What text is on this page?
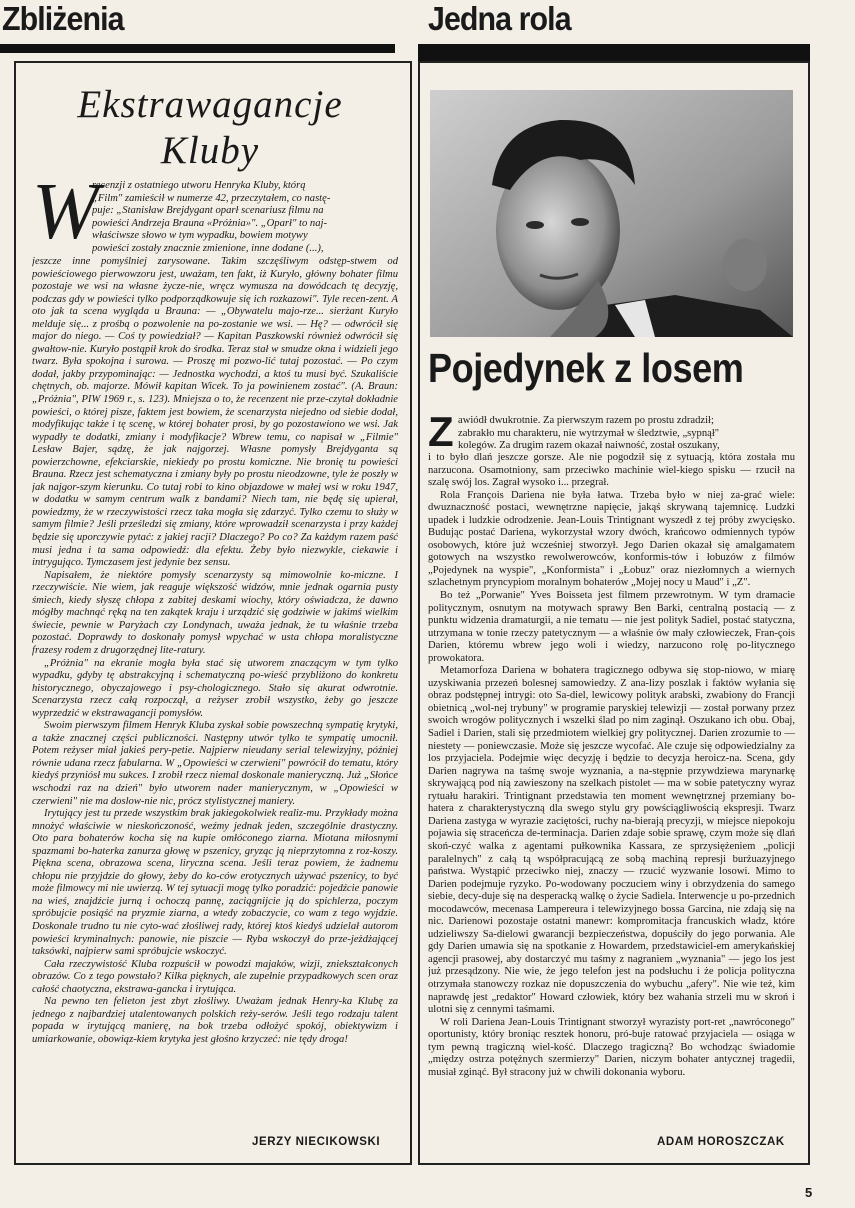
Zbliżenia	Jedna rola
Ekstrawagancje
Kluby
W
recenzji z ostatniego utworu Henryka Kluby, którą
„Film" zamieścił w numerze 42, przeczytałem, co nastę-
puje: „Stanisław Brejdygant oparł scenariusz filmu na
powieści Andrzeja Brauna «Próżnia»". „Oparł" to naj-
właściwsze słowo w tym wypadku, bowiem motywy
powieści zostały znacznie zmienione, inne dodane (...),

jeszcze inne pomyślniej zarysowane. Takim szczęśliwym odstęp-stwem od powieściowego pierwowzoru jest, uważam, ten fakt, iż Kuryło, główny bohater filmu pozostaje we wsi na własne życze-nie, wręcz wymusza na dowódcach tę decyzję, podczas gdy w powieści tylko podporządkowuje się ich rozkazowi". Tyle recen-zent. A oto jak ta scena wygląda u Brauna: — „Obywatelu majo-rze... sierżant Kuryło melduje się... z prośbą o pozwolenie na po-zostanie we wsi. — Hę? — odwrócił się major do niego. — Coś ty powiedział? — Kapitan Paszkowski również odwrócił się gwałtow-nie. Kuryło postąpił krok do środka. Teraz stał w smudze okna i widzieli jego twarz. Była spokojna i surowa. — Proszę mi pozwo-lić tutaj pozostać. — Po czym dodał, jakby przypominając: — Jednostka wychodzi, a ktoś tu musi być. Szukaliście chętnych, ob. majorze. Mówił kapitan Wicek. To ja powinienem zostać". (A. Braun: „Próżnia", PIW 1969 r., s. 123). Mniejsza o to, że recenzent nie prze-czytał dokładnie powieści, o której pisze, faktem jest bowiem, że scenarzysta niejedno od siebie dodał, modyfikując także i tę scenę, w której bohater prosi, by go pozostawiono we wsi. Jak wypadły te dodatki, zmiany i modyfikacje? Wbrew temu, co napisał w „Filmie" Lesław Bajer, sądzę, że jak najgorzej. Własne pomysły Brejdyganta są powierzchowne, efekciarskie, niekiedy po prostu komiczne. Nie bronię tu powieści Brauna. Rzecz jest schematyczna i zmiany były po prostu nieodzowne, tyle że poszły w jak najgor-szym kierunku. Co tutaj robi to kino objazdowe w małej wsi w roku 1947, w dodatku w samym centrum walk z bandami? Niech tam, nie będę się upierał, powiedzmy, że w rzeczywistości rzecz taka mogła się zdarzyć. Tylko czemu to służy w samym filmie? Jeśli prześledzi się zmiany, które wprowadził scenarzysta i przy każdej będzie się uporczywie pytać: z jakiej racji? Dlaczego? Po co? Za każdym razem paść musi jedna i ta sama odpowiedź: dla efektu. Żeby było niezwykle, ciekawie i intrygująco. Tymczasem jest jedynie bez sensu.

Napisałem, że niektóre pomysły scenarzysty są mimowolnie ko-miczne. I rzeczywiście. Nie wiem, jak reaguje większość widzów, mnie jednak ogarnia pusty śmiech, kiedy słyszę chłopa z zabitej deskami wiochy, który oświadcza, że dawno mógłby machnąć ręką na ten zakątek kraju i urządzić się godziwie w jakimś wielkim świecie, pewnie w Paryżach czy Londynach, uważa jednak, że tu właśnie trzeba pozostać. Doprawdy to doskonały pomysł wpychać w usta chłopa moralistyczne frazesy rodem z drugorzędnej lite-ratury.

„Próżnia" na ekranie mogła była stać się utworem znaczącym w tym tylko wypadku, gdyby tę abstrakcyjną i schematyczną po-wieść przybliżono do konkretu historycznego, obyczajowego i psy-chologicznego. Stało się akurat odwrotnie. Scenarzysta rzecz całą rozpoczął, a reżyser zrobił wszystko, żeby go jeszcze wyprzedzić w ekstrawagancji pomysłów.

Swoim pierwszym filmem Henryk Kluba zyskał sobie powszechną sympatię krytyki, a także znacznej części publiczności. Następny utwór tylko te sympatię umocnił. Potem reżyser miał jakieś pery-petie. Najpierw nieudany serial telewizyjny, później równie udana rzecz fabularna. W „Opowieści w czerwieni" powrócił do tematu, który kiedyś przyniósł mu sukces. I zrobił rzecz niemal doskonale manieryczną. Już „Słońce wschodzi raz na dzień" było utworem nader manierycznym, w „Opowieści w czerwieni" nie ma doslow-nie nic, prócz stylistycznej maniery.

Irytujący jest tu przede wszystkim brak jakiegokolwiek realiz-mu. Przykłady można mnożyć właściwie w nieskończoność, weźmy jednak jeden, szczególnie drastyczny. Oto para bohaterów kocha się na kupie omłóconego ziarna. Miotana miłosnymi spazmami bo-haterka zanurza głowę w pszenicy, gryząc ją nieprzytomna z roz-koszy. Piękna scena, obrazowa scena, liryczna scena. Jeśli teraz powiem, że żadnemu chłopu nie przyjdzie do głowy, żeby do ko-ców erotycznych używać pszenicy, to być może filmowcy mi nie uwierzą. W tej sytuacji mogę tylko poradzić: pojedźcie panowie na wieś, znajdźcie jurną i ochoczą pannę, zaciągnijcie ją do spichlerza, poczym spróbujcie posiąść na pryzmie ziarna, a wtedy zobaczycie, co wam z tego wyjdzie. Doskonale trudno tu nie cyto-wać złośliwej rady, której ktoś kiedyś udzielał autorom powieści kryminalnych: panowie, nie piszcie — Ryba wskoczył do prze-jeżdżającej taksówki, najpierw sami spróbujcie wskoczyć.

Cała rzeczywistość Kluba rozpuścił w powodzi majaków, wizji, zniekształconych obrazów. Co z tego powstało? Kilka pięknych, ale zupełnie przypadkowych scen oraz całość chaotyczna, ekstrawa-gancka i irytująca.

Na pewno ten felieton jest zbyt złośliwy. Uważam jednak Henry-ka Klubę za jednego z najbardziej utalentowanych polskich reży-serów. Jeśli tego rodzaju talent popada w irytującą manierę, na bok trzeba odłożyć spokój, obiektywizm i umiarkowanie, obowiąz-kiem krytyka jest głośno krzyczeć: nie tędy droga!

JERZY NIECIKOWSKI
Pojedynek z losem
Z awiódł dwukrotnie. Za pierwszym razem po prostu zdradził;
zabrakło mu charakteru, nie wytrzymał w śledztwie, „sypnął"
kolegów. Za drugim razem okazał naiwność, został oszukany,

i to było dlań jeszcze gorsze. Ale nie pogodził się z sytuacją, która została mu narzucona. Osamotniony, sam przeciwko machinie wiel-kiego spisku — rzucił na szalę swój los. Zagrał wysoko i... przegrał.

Rola François Dariena nie była łatwa. Trzeba było w niej za-grać wiele: dwuznaczność postaci, wewnętrzne napięcie, jakąś skrywaną tajemnicę. Ludzki upadek i ludzkie odrodzenie. Jean-Louis Trintignant wyszedł z tej próby zwycięsko. Budując postać Dariena, wykorzystał wzory dwóch, krańcowo odmiennych typów osobowych, które już wcześniej stworzył. Jego Darien okazał się amalgamatem gotowych na wszystko rewolwerowców, konformis-tów i łobuzów z filmów „Pojedynek na wyspie", „Konformista" i „Łobuz" oraz niezłomnych a wiernych szlachetnym pryncypiom moralnym bohaterów „Mojej nocy u Maud" i „Z".

Bo też „Porwanie" Yves Boisseta jest filmem przewrotnym. W tym dramacie politycznym, osnutym na motywach sprawy Ben Barki, centralną postacią — z punktu widzenia dramaturgii, a nie tematu — nie jest polityk Sadiel, postać statyczna, utrzymana w tonie rzeczy patetycznym — a właśnie ów mały człowieczek, Fran-çois Darien, któremu wbrew jego woli i wiedzy, narzucono rolę po-litycznego prowokatora.

Metamorfoza Dariena w bohatera tragicznego odbywa się stop-niowo, w miarę uzyskiwania przezeń bolesnej samowiedzy. Z ana-lizy poszlak i faktów wyłania się obraz podstępnej intrygi: oto Sa-diel, lewicowy polityk arabski, zwabiony do Francji obietnicą „wol-nej trybuny" w programie paryskiej telewizji — został porwany przez swoich wrogów politycznych i wszelki ślad po nim zaginął. Oszukano ich obu. Obaj, Sadiel i Darien, stali się przedmiotem wielkiej gry politycznej. Darien zrozumie to — niestety — poniewczasie. Może się jeszcze wycofać. Ale czuje się odpowiedzialny za los przyjaciela. Podejmie więc decyzję i będzie to decyzja heroicz-na. Scena, gdy Darien nagrywa na taśmę swoje wyznania, a na-stępnie przywdziewa marynarkę skrywającą pod nią zawieszony na szelkach pistolet — ma w sobie patetyczny wyraz rytuału harakiri. Trintignant przedstawia ten moment wewnętrznej przemiany bo-hatera z charakterystyczną dla swego stylu gry powściągliwością ekspresji. Twarz Dariena zastyga w wyrazie zaciętości, ruchy na-bierają precyzji, w miejsce niepokoju pojawia się straceńcza de-terminacja. Darien zdaje sobie sprawę, czym może się dlań skoń-czyć walka z agentami pułkownika Kassara, ze sprzysiężeniem „policji paralelnych" z całą tą współpracującą ze sobą machiną represji burżuazyjnego państwa. Wystąpić przeciwko niej, znaczy — rzucić wyzwanie losowi. Mimo to Darien podejmuje ryzyko. Po-wodowany poczuciem winy i obrzydzenia do samego siebie, decy-duje się na desperacką walkę o życie Sadiela. Interwencje u po-przednich mocodawców, mecenasa Lampereura i telewizyjnego bossa Garcina, nie zdają się na nic. Darienowi pozostaje ostatni manewr: kompromitacja francuskich władz, które udzieliwszy Sa-dielowi gwarancji bezpieczeństwa, dopuściły do jego porwania. Ale gdy Darien umawia się na spotkanie z Howardem, przedstawiciel-em amerykańskiej agencji prasowej, aby dostarczyć mu taśmy z nagraniem „wyznania" — jego los jest już przesądzony. Nie wie, że jego telefon jest na podsłuchu i że policja polityczna otrzymała stanowczy rozkaz nie dopuszczenia do wybuchu „afery". Nie wie też, kim naprawdę jest „redaktor" Howard człowiek, który bez wahania strzeli mu w skroń i ulotni się z cennymi taśmami.

W roli Dariena Jean-Louis Trintignant stworzył wyrazisty port-ret „nawróconego" oportunisty, który broniąc resztek honoru, pró-buje ratować przyjaciela — osiąga w tym pewną tragiczną wiel-kość. Dlaczego tragiczną? Bo wchodząc świadomie „między ostrza potężnych szermierzy" Darien, niczym bohater antycznej tragedii, musiał zginąć. Był stracony już w chwili dokonania wyboru.

ADAM HOROSZCZAK
5
